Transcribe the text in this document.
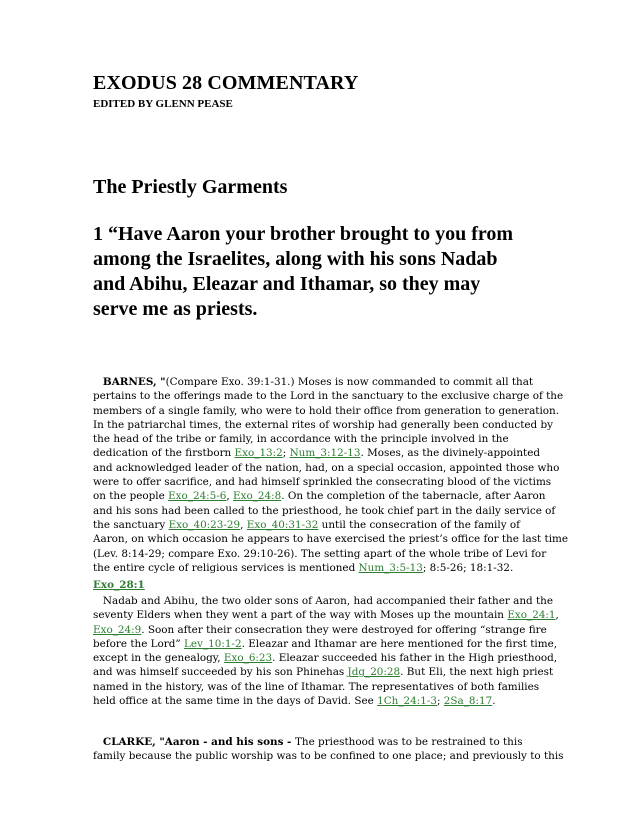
EXODUS 28 COMMENTARY
EDITED BY GLENN PEASE
The Priestly Garments
1 “Have Aaron your brother brought to you from
among the Israelites, along with his sons Nadab
and Abihu, Eleazar and Ithamar, so they may
serve me as priests.
BARNES, "(Compare Exo. 39:1-31.) Moses is now commanded to commit all that
pertains to the offerings made to the Lord in the sanctuary to the exclusive charge of the
members of a single family, who were to hold their office from generation to generation.
In the patriarchal times, the external rites of worship had generally been conducted by
the head of the tribe or family, in accordance with the principle involved in the
dedication of the firstborn Exo_13:2; Num_3:12-13. Moses, as the divinely-appointed
and acknowledged leader of the nation, had, on a special occasion, appointed those who
were to offer sacrifice, and had himself sprinkled the consecrating blood of the victims
on the people Exo_24:5-6, Exo_24:8. On the completion of the tabernacle, after Aaron
and his sons had been called to the priesthood, he took chief part in the daily service of
the sanctuary Exo_40:23-29, Exo_40:31-32 until the consecration of the family of
Aaron, on which occasion he appears to have exercised the priest’s office for the last time
(Lev. 8:14-29; compare Exo. 29:10-26). The setting apart of the whole tribe of Levi for
the entire cycle of religious services is mentioned Num_3:5-13; 8:5-26; 18:1-32.
Exo_28:1
Nadab and Abihu, the two older sons of Aaron, had accompanied their father and the
seventy Elders when they went a part of the way with Moses up the mountain Exo_24:1,
Exo_24:9. Soon after their consecration they were destroyed for offering “strange fire
before the Lord” Lev_10:1-2. Eleazar and Ithamar are here mentioned for the first time,
except in the genealogy, Exo_6:23. Eleazar succeeded his father in the High priesthood,
and was himself succeeded by his son Phinehas Jdg_20:28. But Eli, the next high priest
named in the history, was of the line of Ithamar. The representatives of both families
held office at the same time in the days of David. See 1Ch_24:1-3; 2Sa_8:17.
CLARKE, "Aaron - and his sons - The priesthood was to be restrained to this
family because the public worship was to be confined to one place; and previously to this
